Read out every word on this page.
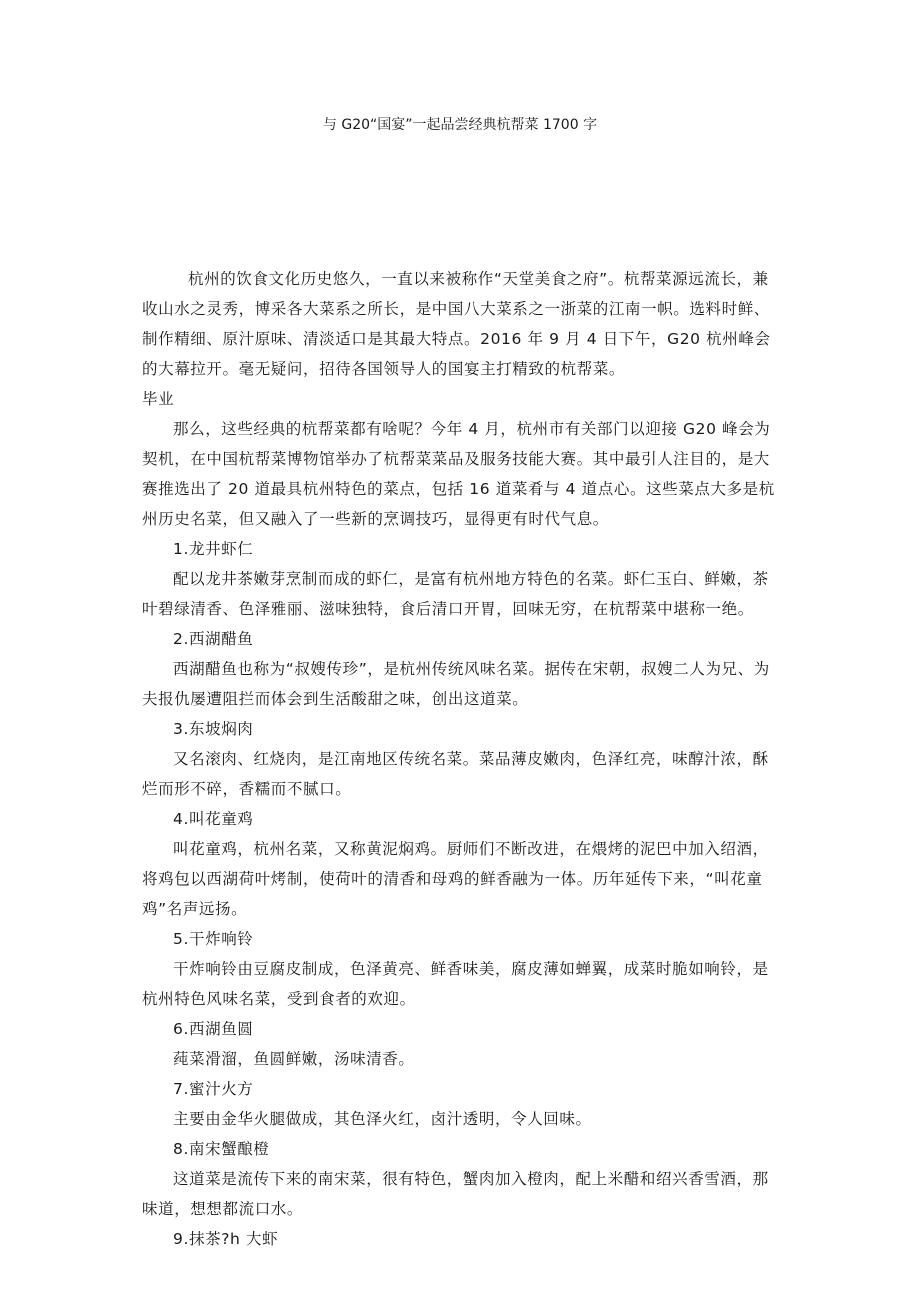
与 G20“国宴”一起品尝经典杭帮菜 1700 字

杭州的饮食文化历史悠久，一直以来被称作“天堂美食之府”。杭帮菜源远流长，兼收山水之灵秀，博采各大菜系之所长，是中国八大菜系之一浙菜的江南一帜。选料时鲜、制作精细、原汁原味、清淡适口是其最大特点。2016 年 9 月 4 日下午，G20 杭州峰会的大幕拉开。毫无疑问，招待各国领导人的国宴主打精致的杭帮菜。

毕业

那么，这些经典的杭帮菜都有啥呢？今年 4 月，杭州市有关部门以迎接 G20 峰会为契机，在中国杭帮菜博物馆举办了杭帮菜菜品及服务技能大赛。其中最引人注目的，是大赛推选出了 20 道最具杭州特色的菜点，包括 16 道菜肴与 4 道点心。这些菜点大多是杭州历史名菜，但又融入了一些新的烹调技巧，显得更有时代气息。

1.龙井虾仁

配以龙井茶嫩芽烹制而成的虾仁，是富有杭州地方特色的名菜。虾仁玉白、鲜嫩，茶叶碧绿清香、色泽雅丽、滋味独特，食后清口开胃，回味无穷，在杭帮菜中堪称一绝。

2.西湖醋鱼

西湖醋鱼也称为“叔嫂传珍”，是杭州传统风味名菜。据传在宋朝，叔嫂二人为兄、为夫报仇屡遭阻拦而体会到生活酸甜之味，创出这道菜。

3.东坡焖肉

又名滚肉、红烧肉，是江南地区传统名菜。菜品薄皮嫩肉，色泽红亮，味醇汁浓，酥烂而形不碎，香糯而不腻口。

4.叫花童鸡

叫花童鸡，杭州名菜，又称黄泥焖鸡。厨师们不断改进，在煨烤的泥巴中加入绍酒，将鸡包以西湖荷叶烤制，使荷叶的清香和母鸡的鲜香融为一体。历年延传下来，“叫花童鸡”名声远扬。

5.干炸响铃

干炸响铃由豆腐皮制成，色泽黄亮、鲜香味美，腐皮薄如蝉翼，成菜时脆如响铃，是杭州特色风味名菜，受到食者的欢迎。

6.西湖鱼圆

莼菜滑溜，鱼圆鲜嫩，汤味清香。

7.蜜汁火方

主要由金华火腿做成，其色泽火红，卤汁透明，令人回味。

8.南宋蟹酿橙

这道菜是流传下来的南宋菜，很有特色，蟹肉加入橙肉，配上米醋和绍兴香雪酒，那味道，想想都流口水。

9.抹茶?h 大虾
